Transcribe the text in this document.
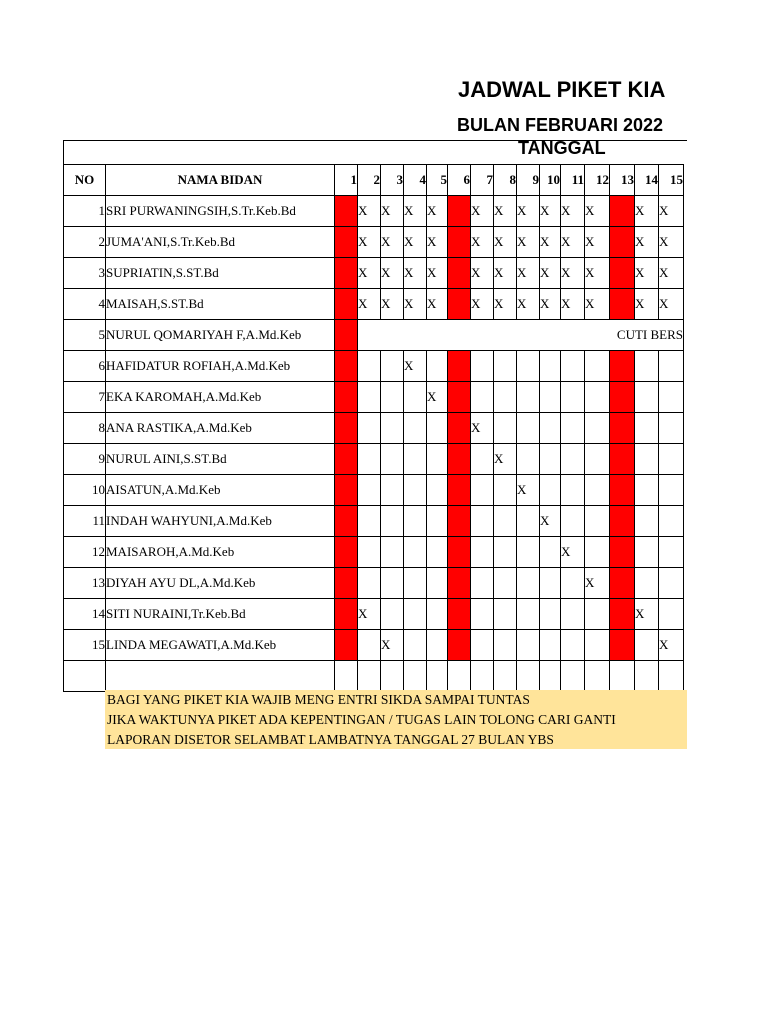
JADWAL PIKET KIA
BULAN FEBRUARI 2022
TANGGAL
NO	NAMA BIDAN	1	2	3	4	5	6	7	8	9	10	11	12	13	14	15
1	SRI PURWANINGSIH,S.Tr.Keb.Bd		X	X	X	X		X	X	X	X	X	X		X	X
2	JUMA'ANI,S.Tr.Keb.Bd		X	X	X	X		X	X	X	X	X	X		X	X
3	SUPRIATIN,S.ST.Bd		X	X	X	X		X	X	X	X	X	X		X	X
4	MAISAH,S.ST.Bd		X	X	X	X		X	X	X	X	X	X		X	X
5	NURUL QOMARIYAH F,A.Md.Keb		CUTI BERS													
6	HAFIDATUR ROFIAH,A.Md.Keb				X											
7	EKA KAROMAH,A.Md.Keb					X										
8	ANA RASTIKA,A.Md.Keb							X								
9	NURUL AINI,S.ST.Bd								X							
10	AISATUN,A.Md.Keb									X						
11	INDAH WAHYUNI,A.Md.Keb										X					
12	MAISAROH,A.Md.Keb											X				
13	DIYAH AYU DL,A.Md.Keb												X			
14	SITI NURAINI,Tr.Keb.Bd		X												X	
15	LINDA MEGAWATI,A.Md.Keb			X												X

BAGI YANG PIKET KIA WAJIB MENG ENTRI SIKDA SAMPAI TUNTAS
JIKA WAKTUNYA PIKET ADA KEPENTINGAN / TUGAS LAIN TOLONG CARI GANTI
LAPORAN DISETOR SELAMBAT LAMBATNYA TANGGAL 27 BULAN YBS
